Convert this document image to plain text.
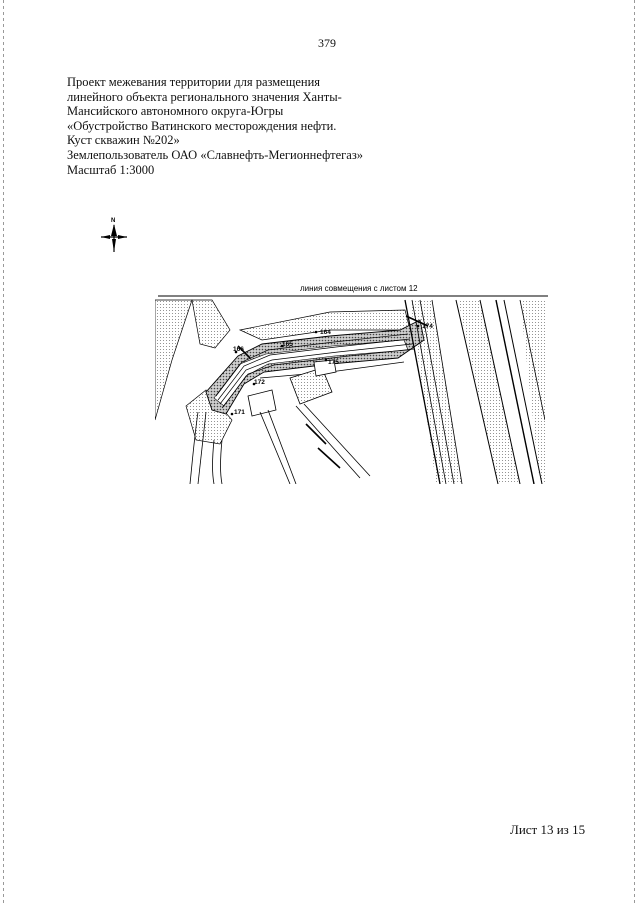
379
Проект межевания территории для размещения
линейного объекта регионального значения Ханты-
Мансийского автономного округа-Югры
«Обустройство Ватинского месторождения нефти.
Куст скважин №202»
Землепользователь ОАО «Славнефть-Мегионнефтегаз»
Масштаб 1:3000
N
линия совмещения с листом 12
164
165
166
174
175
172
171
Лист 13 из 15
